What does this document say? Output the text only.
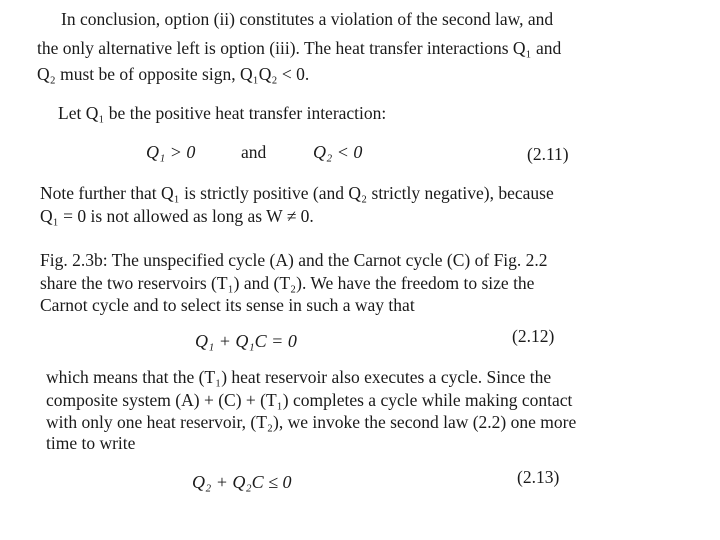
In conclusion, option (ii) constitutes a violation of the second law, and
the only alternative left is option (iii). The heat transfer interactions Q₁ and
Q₂ must be of opposite sign, Q₁Q₂ < 0.
Let Q₁ be the positive heat transfer interaction:
Q₁ > 0	and	Q₂ < 0	(2.11)
Note further that Q₁ is strictly positive (and Q₂ strictly negative), because
Q₁ = 0 is not allowed as long as W ≠ 0.
Fig. 2.3b: The unspecified cycle (A) and the Carnot cycle (C) of Fig. 2.2
share the two reservoirs (T₁) and (T₂). We have the freedom to size the
Carnot cycle and to select its sense in such a way that
Q₁ + Q₁C = 0	(2.12)
which means that the (T₁) heat reservoir also executes a cycle. Since the
composite system (A) + (C) + (T₁) completes a cycle while making contact
with only one heat reservoir, (T₂), we invoke the second law (2.2) one more
time to write
Q₂ + Q₂C ≤ 0	(2.13)
